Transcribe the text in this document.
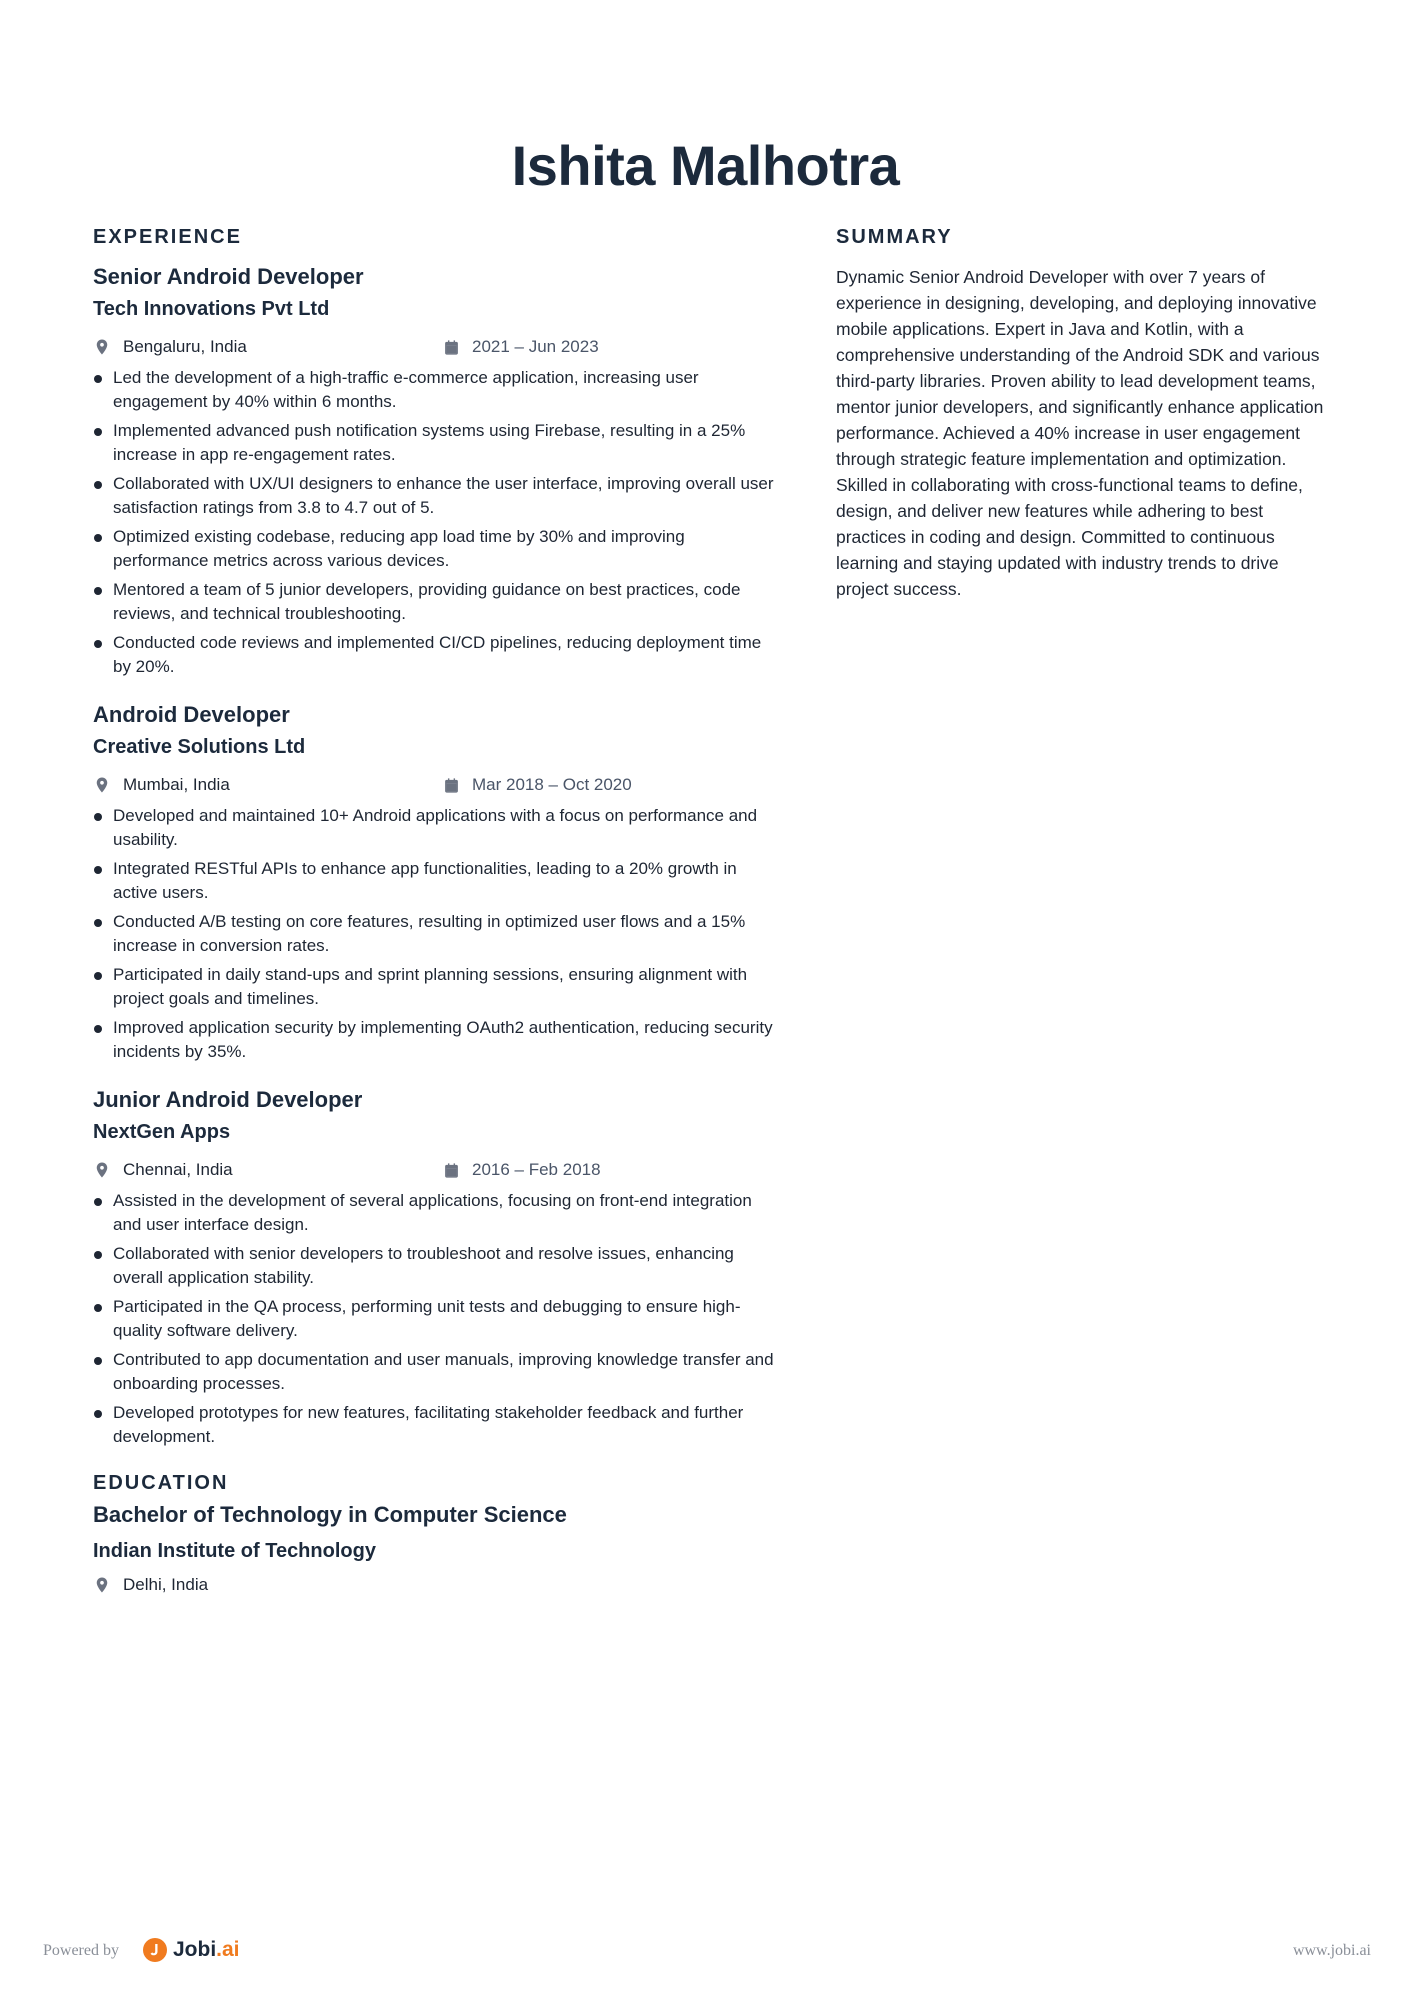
Ishita Malhotra
EXPERIENCE
Senior Android Developer
Tech Innovations Pvt Ltd
Bengaluru, India	2021 – Jun 2023
Led the development of a high-traffic e-commerce application, increasing user engagement by 40% within 6 months.
Implemented advanced push notification systems using Firebase, resulting in a 25% increase in app re-engagement rates.
Collaborated with UX/UI designers to enhance the user interface, improving overall user satisfaction ratings from 3.8 to 4.7 out of 5.
Optimized existing codebase, reducing app load time by 30% and improving performance metrics across various devices.
Mentored a team of 5 junior developers, providing guidance on best practices, code reviews, and technical troubleshooting.
Conducted code reviews and implemented CI/CD pipelines, reducing deployment time by 20%.
Android Developer
Creative Solutions Ltd
Mumbai, India	Mar 2018 – Oct 2020
Developed and maintained 10+ Android applications with a focus on performance and usability.
Integrated RESTful APIs to enhance app functionalities, leading to a 20% growth in active users.
Conducted A/B testing on core features, resulting in optimized user flows and a 15% increase in conversion rates.
Participated in daily stand-ups and sprint planning sessions, ensuring alignment with project goals and timelines.
Improved application security by implementing OAuth2 authentication, reducing security incidents by 35%.
Junior Android Developer
NextGen Apps
Chennai, India	2016 – Feb 2018
Assisted in the development of several applications, focusing on front-end integration and user interface design.
Collaborated with senior developers to troubleshoot and resolve issues, enhancing overall application stability.
Participated in the QA process, performing unit tests and debugging to ensure high-quality software delivery.
Contributed to app documentation and user manuals, improving knowledge transfer and onboarding processes.
Developed prototypes for new features, facilitating stakeholder feedback and further development.
EDUCATION
Bachelor of Technology in Computer Science
Indian Institute of Technology
Delhi, India
SUMMARY
Dynamic Senior Android Developer with over 7 years of experience in designing, developing, and deploying innovative mobile applications. Expert in Java and Kotlin, with a comprehensive understanding of the Android SDK and various third-party libraries. Proven ability to lead development teams, mentor junior developers, and significantly enhance application performance. Achieved a 40% increase in user engagement through strategic feature implementation and optimization. Skilled in collaborating with cross-functional teams to define, design, and deliver new features while adhering to best practices in coding and design. Committed to continuous learning and staying updated with industry trends to drive project success.
Powered by	Jobi.ai	www.jobi.ai
